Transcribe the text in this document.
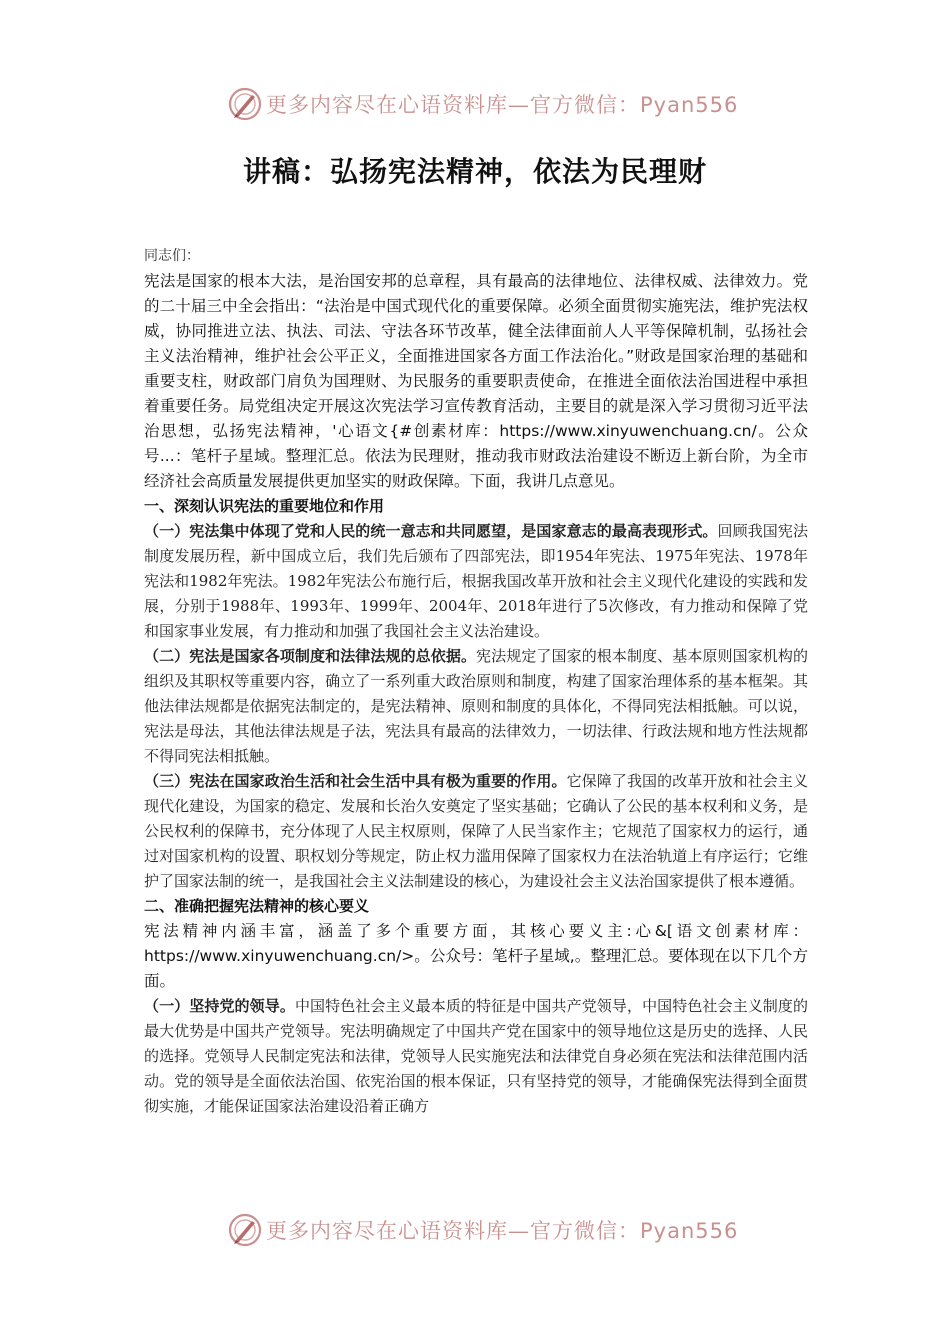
更多内容尽在心语资料库—官方微信：Pyan556
讲稿：弘扬宪法精神，依法为民理财

同志们：

宪法是国家的根本大法，是治国安邦的总章程，具有最高的法律地位、法律权威、法律效力。党的二十届三中全会指出：“法治是中国式现代化的重要保障。必须全面贯彻实施宪法，维护宪法权威，协同推进立法、执法、司法、守法各环节改革，健全法律面前人人平等保障机制，弘扬社会主义法治精神，维护社会公平正义，全面推进国家各方面工作法治化。”财政是国家治理的基础和重要支柱，财政部门肩负为国理财、为民服务的重要职责使命，在推进全面依法治国进程中承担着重要任务。局党组决定开展这次宪法学习宣传教育活动，主要目的就是深入学习贯彻习近平法治思想，弘扬宪法精神，'心语文{#创素材库：https://www.xinyuwenchuang.cn/。公众号...：笔杆子星域。整理汇总。依法为民理财，推动我市财政法治建设不断迈上新台阶，为全市经济社会高质量发展提供更加坚实的财政保障。下面，我讲几点意见。

一、深刻认识宪法的重要地位和作用

（一）宪法集中体现了党和人民的统一意志和共同愿望，是国家意志的最高表现形式。回顾我国宪法制度发展历程，新中国成立后，我们先后颁布了四部宪法，即1954年宪法、1975年宪法、1978年宪法和1982年宪法。1982年宪法公布施行后，根据我国改革开放和社会主义现代化建设的实践和发展，分别于1988年、1993年、1999年、2004年、2018年进行了5次修改，有力推动和保障了党和国家事业发展，有力推动和加强了我国社会主义法治建设。

（二）宪法是国家各项制度和法律法规的总依据。宪法规定了国家的根本制度、基本原则国家机构的组织及其职权等重要内容，确立了一系列重大政治原则和制度，构建了国家治理体系的基本框架。其他法律法规都是依据宪法制定的，是宪法精神、原则和制度的具体化，不得同宪法相抵触。可以说，宪法是母法，其他法律法规是子法，宪法具有最高的法律效力，一切法律、行政法规和地方性法规都不得同宪法相抵触。

（三）宪法在国家政治生活和社会生活中具有极为重要的作用。它保障了我国的改革开放和社会主义现代化建设，为国家的稳定、发展和长治久安奠定了坚实基础；它确认了公民的基本权利和义务，是公民权利的保障书，充分体现了人民主权原则，保障了人民当家作主；它规范了国家权力的运行，通过对国家机构的设置、职权划分等规定，防止权力滥用保障了国家权力在法治轨道上有序运行；它维护了国家法制的统一，是我国社会主义法制建设的核心，为建设社会主义法治国家提供了根本遵循。

二、准确把握宪法精神的核心要义

宪法精神内涵丰富，涵盖了多个重要方面，其核心要义主:心&[语文创素材库：https://www.xinyuwenchuang.cn/>。公众号：笔杆子星域,。整理汇总。要体现在以下几个方面。

（一）坚持党的领导。中国特色社会主义最本质的特征是中国共产党领导，中国特色社会主义制度的最大优势是中国共产党领导。宪法明确规定了中国共产党在国家中的领导地位这是历史的选择、人民的选择。党领导人民制定宪法和法律，党领导人民实施宪法和法律党自身必须在宪法和法律范围内活动。党的领导是全面依法治国、依宪治国的根本保证，只有坚持党的领导，才能确保宪法得到全面贯彻实施，才能保证国家法治建设沿着正确方

更多内容尽在心语资料库—官方微信：Pyan556
